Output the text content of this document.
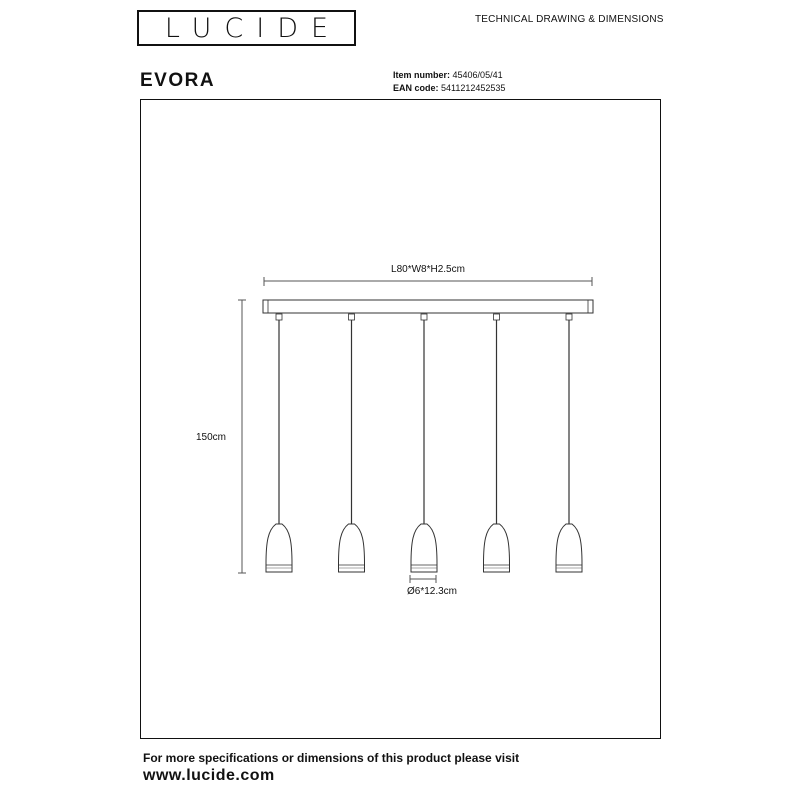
LUCIDE	TECHNICAL DRAWING & DIMENSIONS
EVORA	Item number: 45406/05/41
EAN code: 5411212452535
L80*W8*H2.5cm
150cm
Ø6*12.3cm
For more specifications or dimensions of this product please visit
www.lucide.com
